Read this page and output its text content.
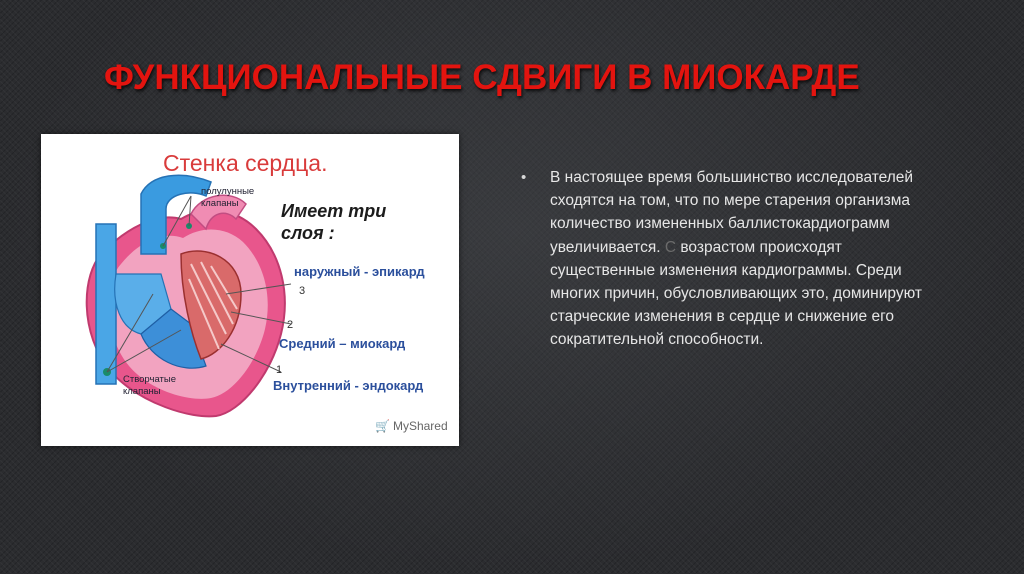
ФУНКЦИОНАЛЬНЫЕ СДВИГИ В МИОКАРДЕ
Стенка сердца.
полулунные
клапаны	Имеет три
слоя :
наружный - эпикард
3
2
Средний – миокард
1
Внутренний - эндокард
Створчатые
клапаны
🛒 MyShared
• В настоящее время большинство исследователей сходятся на том, что по мере старения организма количество измененных баллистокардиограмм увеличивается. С возрастом происходят существенные изменения кардиограммы. Среди многих причин, обусловливающих это, доминируют старческие изменения в сердце и снижение его сократительной способности.
